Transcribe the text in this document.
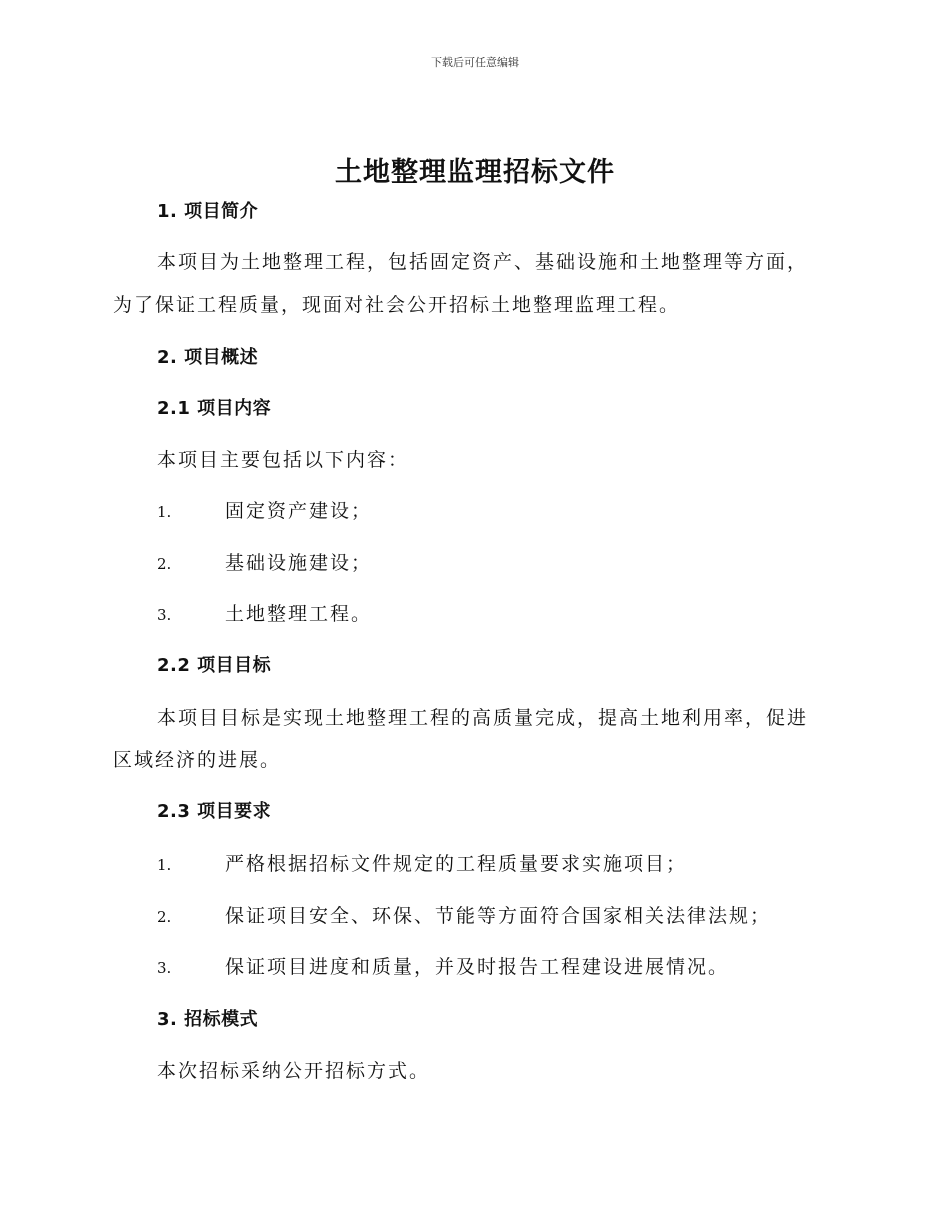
下载后可任意编辑
土地整理监理招标文件
1. 项目简介
本项目为土地整理工程，包括固定资产、基础设施和土地整理等方面，
为了保证工程质量，现面对社会公开招标土地整理监理工程。
2. 项目概述
2.1 项目内容
本项目主要包括以下内容：
1.	固定资产建设；
2.	基础设施建设；
3.	土地整理工程。
2.2 项目目标
本项目目标是实现土地整理工程的高质量完成，提高土地利用率，促进
区域经济的进展。
2.3 项目要求
1.	严格根据招标文件规定的工程质量要求实施项目；
2.	保证项目安全、环保、节能等方面符合国家相关法律法规；
3.	保证项目进度和质量，并及时报告工程建设进展情况。
3. 招标模式
本次招标采纳公开招标方式。
